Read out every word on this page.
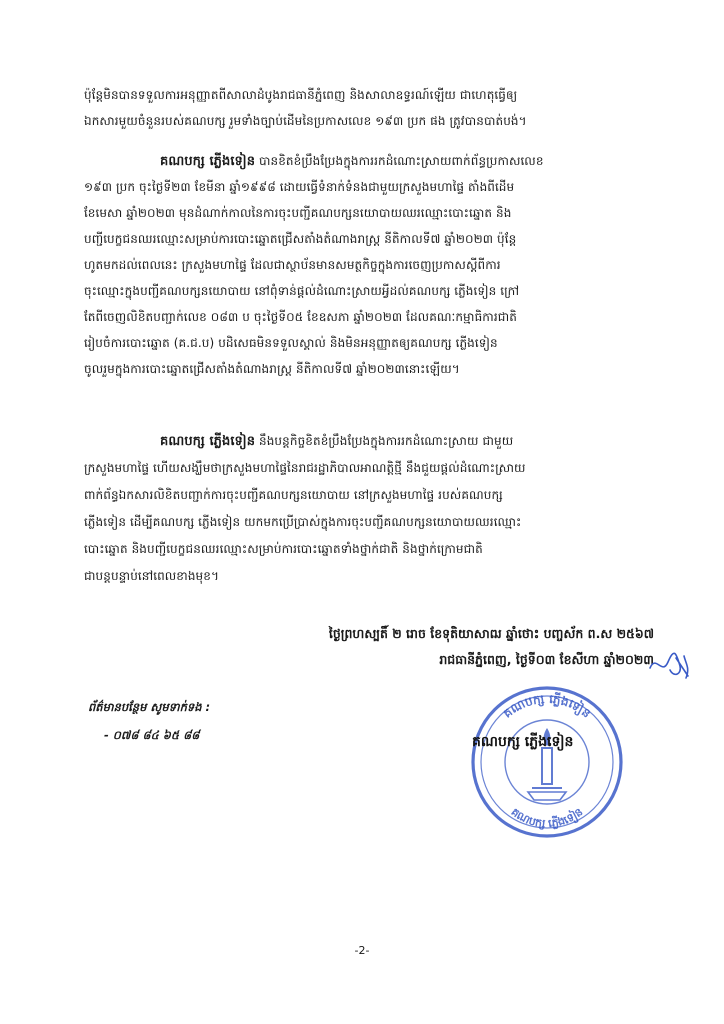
ប៉ុន្តែមិនបានទទួលការអនុញ្ញាតពីសាលាដំបូងរាជធានីភ្នំពេញ និងសាលាឧទ្ធរណ៍ឡើយ ជាហេតុធ្វើឲ្យ
ឯកសារមួយចំនួនរបស់គណបក្ស រួមទាំងច្បាប់ដើមនៃប្រកាសលេខ ១៩៣ ប្រក ផង ត្រូវបានបាត់បង់។
គណបក្ស ភ្លើងទៀន បានខិតខំប្រឹងប្រែងក្នុងការរកដំណោះស្រាយពាក់ព័ន្ធប្រកាសលេខ
១៩៣ ប្រក ចុះថ្ងៃទី២៣ ខែមីនា ឆ្នាំ១៩៩៨ ដោយធ្វើទំនាក់ទំនងជាមួយក្រសួងមហាផ្ទៃ តាំងពីដើម
ខែមេសា ឆ្នាំ២០២៣ មុនដំណាក់កាលនៃការចុះបញ្ជីគណបក្សនយោបាយឈរឈ្មោះបោះឆ្នោត និង
បញ្ជីបេក្ខជនឈរឈ្មោះសម្រាប់ការបោះឆ្នោតជ្រើសតាំងតំណាងរាស្ត្រ នីតិកាលទី៧ ឆ្នាំ២០២៣ ប៉ុន្តែ
ហូតមកដល់ពេលនេះ ក្រសួងមហាផ្ទៃ ដែលជាស្ថាប័នមានសមត្ថកិច្ចក្នុងការចេញប្រកាសស្តីពីការ
ចុះឈ្មោះក្នុងបញ្ជីគណបក្សនយោបាយ នៅពុំទាន់ផ្តល់ដំណោះស្រាយអ្វីដល់គណបក្ស ភ្លើងទៀន ក្រៅ
តែពីចេញលិខិតបញ្ជាក់លេខ ០៨៣ ប ចុះថ្ងៃទី០៥ ខែឧសភា ឆ្នាំ២០២៣ ដែលគណៈកម្មាធិការជាតិ
រៀបចំការបោះឆ្នោត (គ.ជ.ប) បដិសេធមិនទទួលស្គាល់ និងមិនអនុញ្ញាតឲ្យគណបក្ស ភ្លើងទៀន
ចូលរួមក្នុងការបោះឆ្នោតជ្រើសតាំងតំណាងរាស្ត្រ នីតិកាលទី៧ ឆ្នាំ២០២៣នោះឡើយ។
គណបក្ស ភ្លើងទៀន នឹងបន្តកិច្ចខិតខំប្រឹងប្រែងក្នុងការរកដំណោះស្រាយ ជាមួយ
ក្រសួងមហាផ្ទៃ ហើយសង្ឃឹមថាក្រសួងមហាផ្ទៃនៃរាជរដ្ឋាភិបាលអាណត្តិថ្មី នឹងជួយផ្តល់ដំណោះស្រាយ
ពាក់ព័ន្ធឯកសារលិខិតបញ្ជាក់ការចុះបញ្ជីគណបក្សនយោបាយ នៅក្រសួងមហាផ្ទៃ របស់គណបក្ស
ភ្លើងទៀន ដើម្បីគណបក្ស ភ្លើងទៀន យកមកប្រើប្រាស់ក្នុងការចុះបញ្ជីគណបក្សនយោបាយឈរឈ្មោះ
បោះឆ្នោត និងបញ្ជីបេក្ខជនឈរឈ្មោះសម្រាប់ការបោះឆ្នោតទាំងថ្នាក់ជាតិ និងថ្នាក់ក្រោមជាតិ
ជាបន្តបន្ទាប់នៅពេលខាងមុខ។
ថ្ងៃព្រហស្បតិ៍ ២ រោច ខែទុតិយាសាឍ ឆ្នាំថោះ បញ្ចស័ក ព.ស ២៥៦៧
រាជធានីភ្នំពេញ, ថ្ងៃទី០៣ ខែសីហា ឆ្នាំ២០២៣
ព័ត៌មានបន្ថែម សូមទាក់ទង :
- ០៧៨ ៨៤ ៦៥ ៨៨
គណបក្ស ភ្លើងទៀន
គណបក្ស ភ្លើងទៀន
គណបក្ស ភ្លើងទៀន
-2-
